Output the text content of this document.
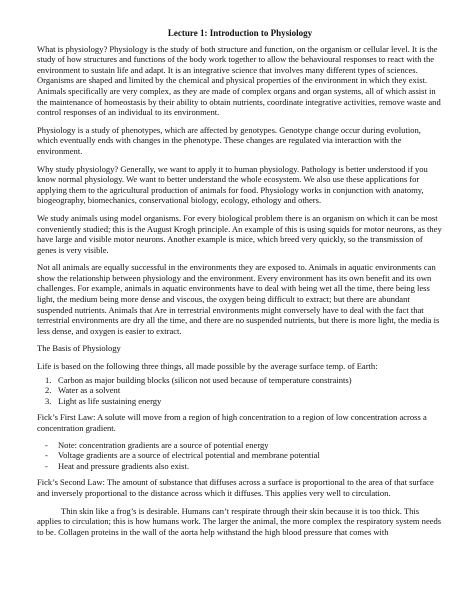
Lecture 1: Introduction to Physiology

What is physiology? Physiology is the study of both structure and function, on the organism or cellular level. It is the study of how structures and functions of the body work together to allow the behavioural responses to react with the environment to sustain life and adapt. It is an integrative science that involves many different types of sciences. Organisms are shaped and limited by the chemical and physical properties of the environment in which they exist. Animals specifically are very complex, as they are made of complex organs and organ systems, all of which assist in the maintenance of homeostasis by their ability to obtain nutrients, coordinate integrative activities, remove waste and control responses of an individual to its environment.

Physiology is a study of phenotypes, which are affected by genotypes. Genotype change occur during evolution, which eventually ends with changes in the phenotype. These changes are regulated via interaction with the environment.

Why study physiology? Generally, we want to apply it to human physiology. Pathology is better understood if you know normal physiology. We want to better understand the whole ecosystem. We also use these applications for applying them to the agricultural production of animals for food. Physiology works in conjunction with anatomy, biogeography, biomechanics, conservational biology, ecology, ethology and others.

We study animals using model organisms. For every biological problem there is an organism on which it can be most conveniently studied; this is the August Krogh principle. An example of this is using squids for motor neurons, as they have large and visible motor neurons. Another example is mice, which breed very quickly, so the transmission of genes is very visible.

Not all animals are equally successful in the environments they are exposed to. Animals in aquatic environments can show the relationship between physiology and the environment. Every environment has its own benefit and its own challenges. For example, animals in aquatic environments have to deal with being wet all the time, there being less light, the medium being more dense and viscous, the oxygen being difficult to extract; but there are abundant suspended nutrients. Animals that Are in terrestrial environments might conversely have to deal with the fact that terrestrial environments are dry all the time, and there are no suspended nutrients, but there is more light, the media is less dense, and oxygen is easier to extract.

The Basis of Physiology

Life is based on the following three things, all made possible by the average surface temp. of Earth:

1. Carbon as major building blocks (silicon not used because of temperature constraints)
2. Water as a solvent
3. Light as life sustaining energy

Fick’s First Law: A solute will move from a region of high concentration to a region of low concentration across a concentration gradient.

- Note: concentration gradients are a source of potential energy
- Voltage gradients are a source of electrical potential and membrane potential
- Heat and pressure gradients also exist.

Fick’s Second Law: The amount of substance that diffuses across a surface is proportional to the area of that surface and inversely proportional to the distance across which it diffuses. This applies very well to circulation.

Thin skin like a frog’s is desirable. Humans can’t respirate through their skin because it is too thick. This applies to circulation; this is how humans work. The larger the animal, the more complex the respiratory system needs to be. Collagen proteins in the wall of the aorta help withstand the high blood pressure that comes with
